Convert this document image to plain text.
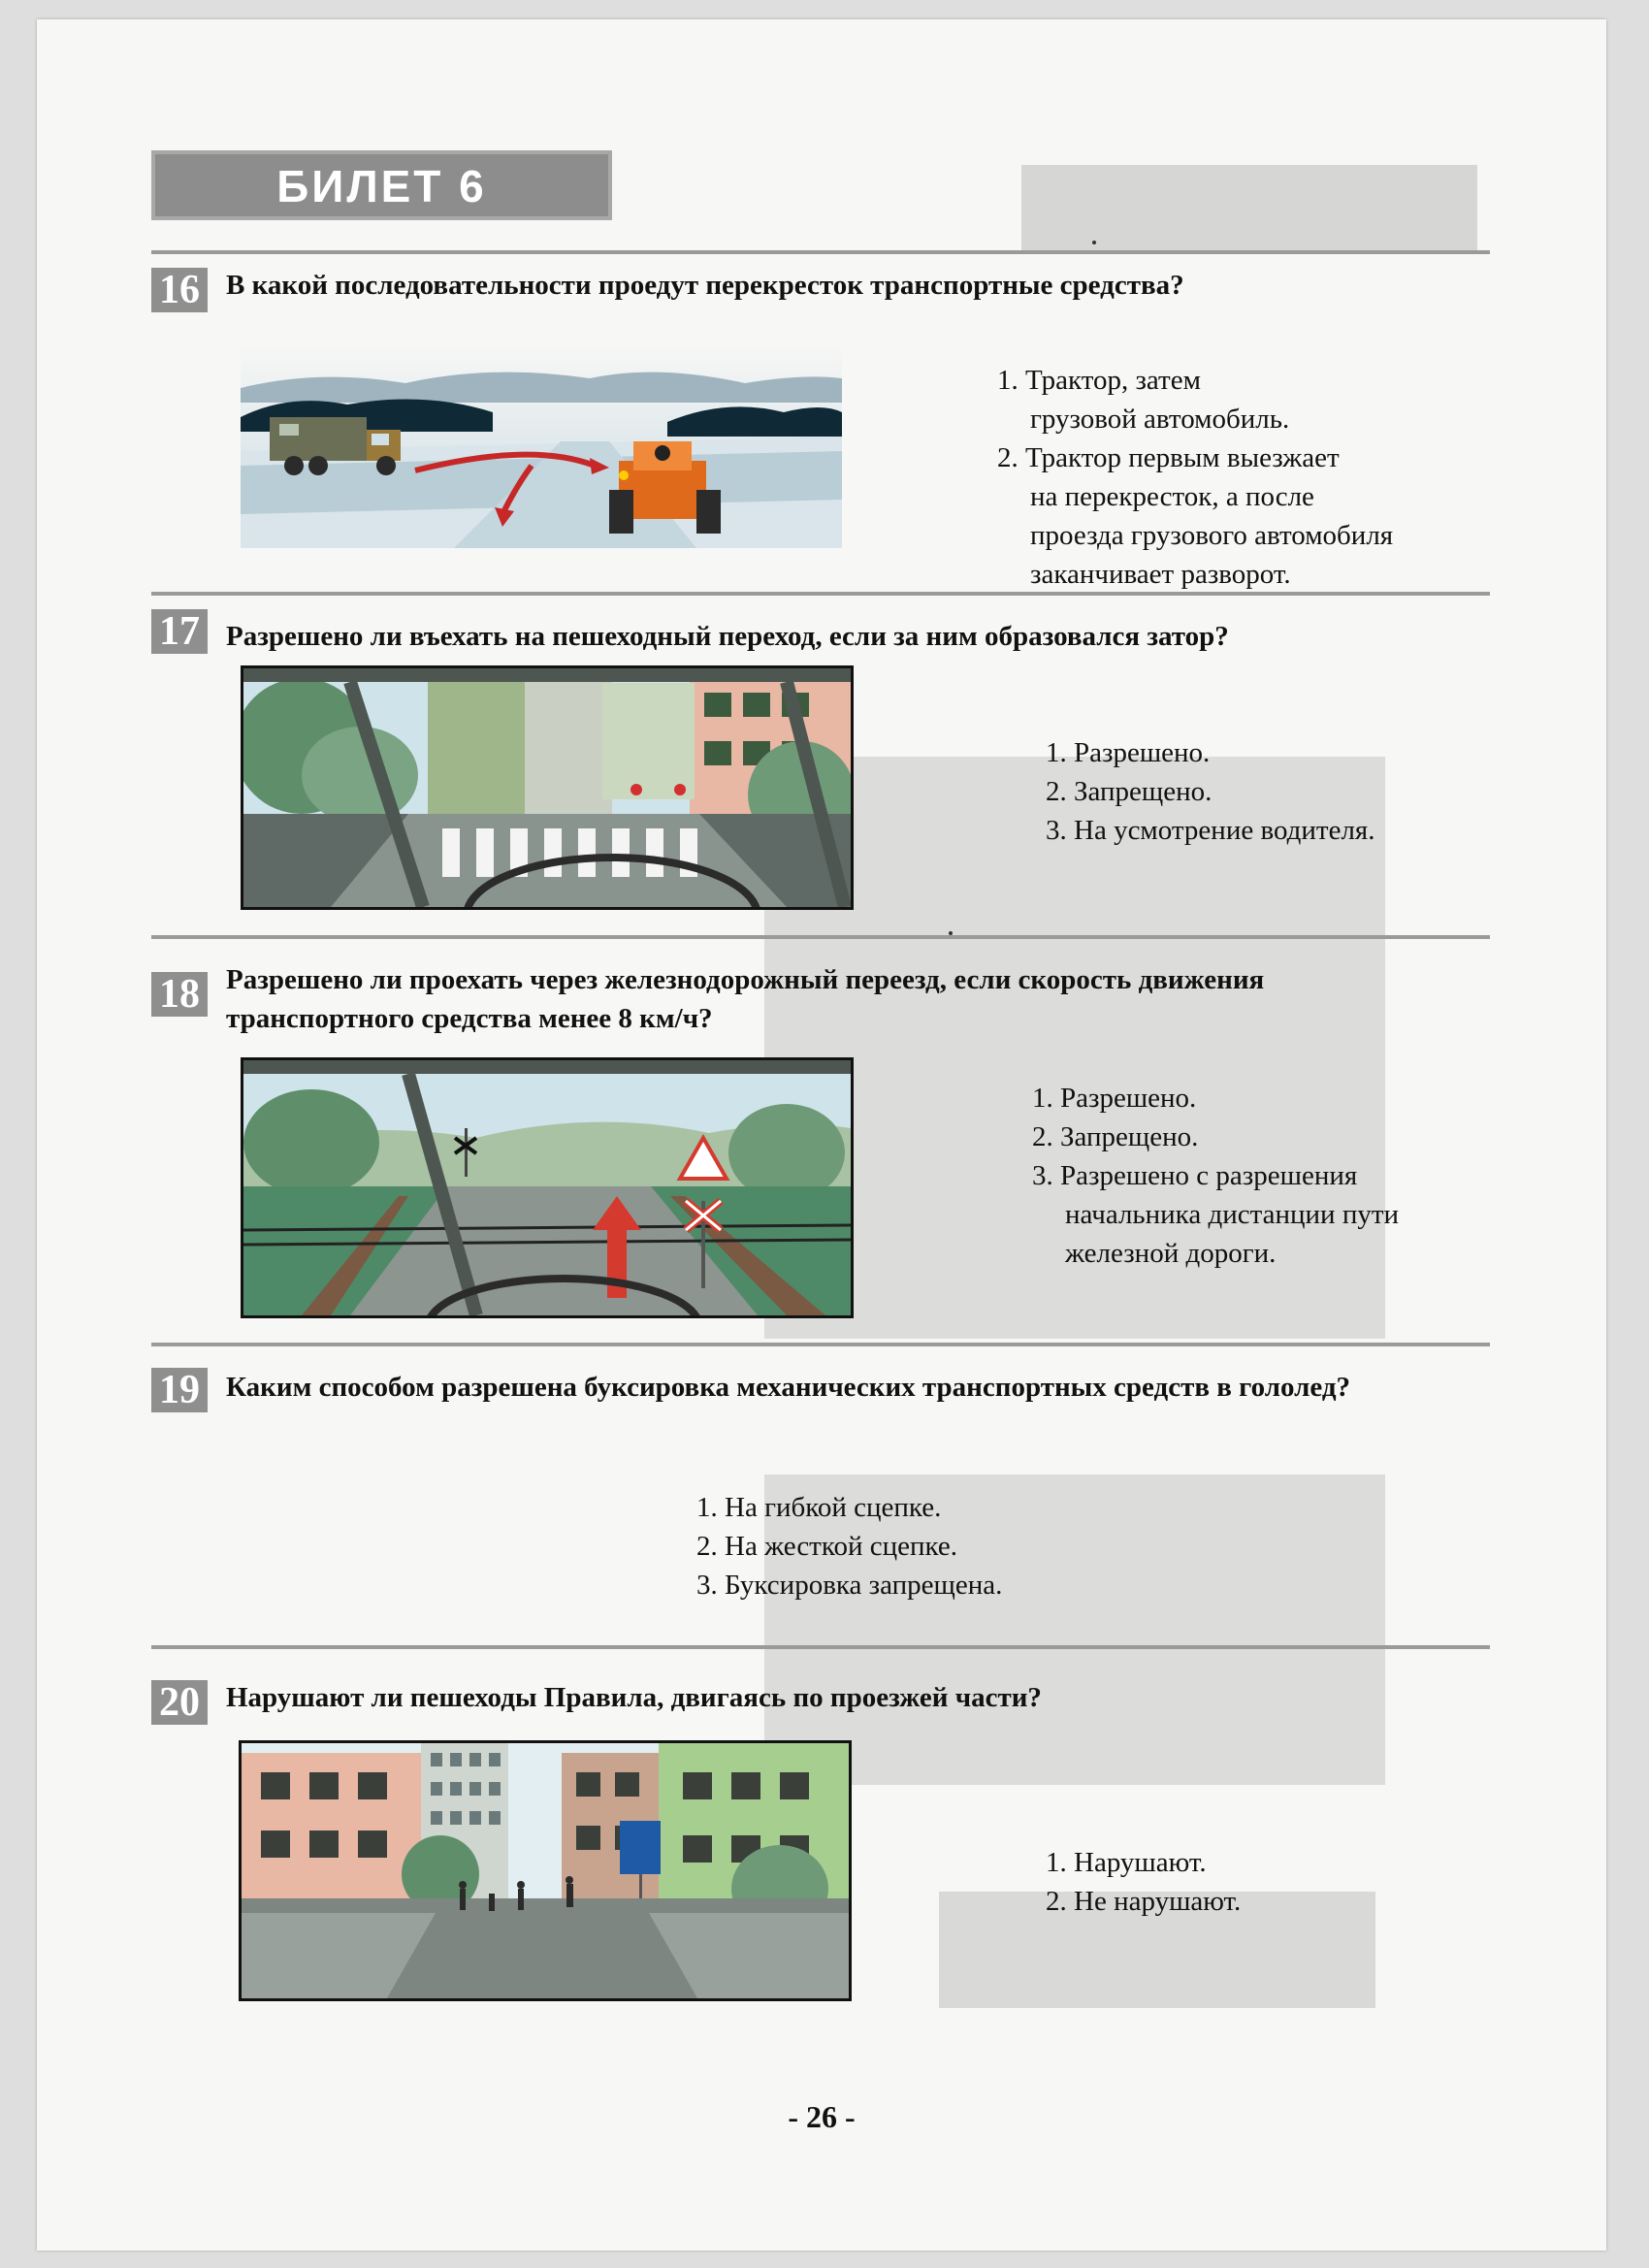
БИЛЕТ 6
16 В какой последовательности проедут перекресток транспортные средства?
1. Трактор, затем
грузовой автомобиль.
2. Трактор первым выезжает
на перекресток, а после
проезда грузового автомобиля
заканчивает разворот.
17 Разрешено ли въехать на пешеходный переход, если за ним образовался затор?
1. Разрешено.
2. Запрещено.
3. На усмотрение водителя.
18 Разрешено ли проехать через железнодорожный переезд, если скорость движения транспортного средства менее 8 км/ч?
1. Разрешено.
2. Запрещено.
3. Разрешено с разрешения
начальника дистанции пути
железной дороги.
19 Каким способом разрешена буксировка механических транспортных средств в гололед?
1. На гибкой сцепке.
2. На жесткой сцепке.
3. Буксировка запрещена.
20 Нарушают ли пешеходы Правила, двигаясь по проезжей части?
1. Нарушают.
2. Не нарушают.
- 26 -
